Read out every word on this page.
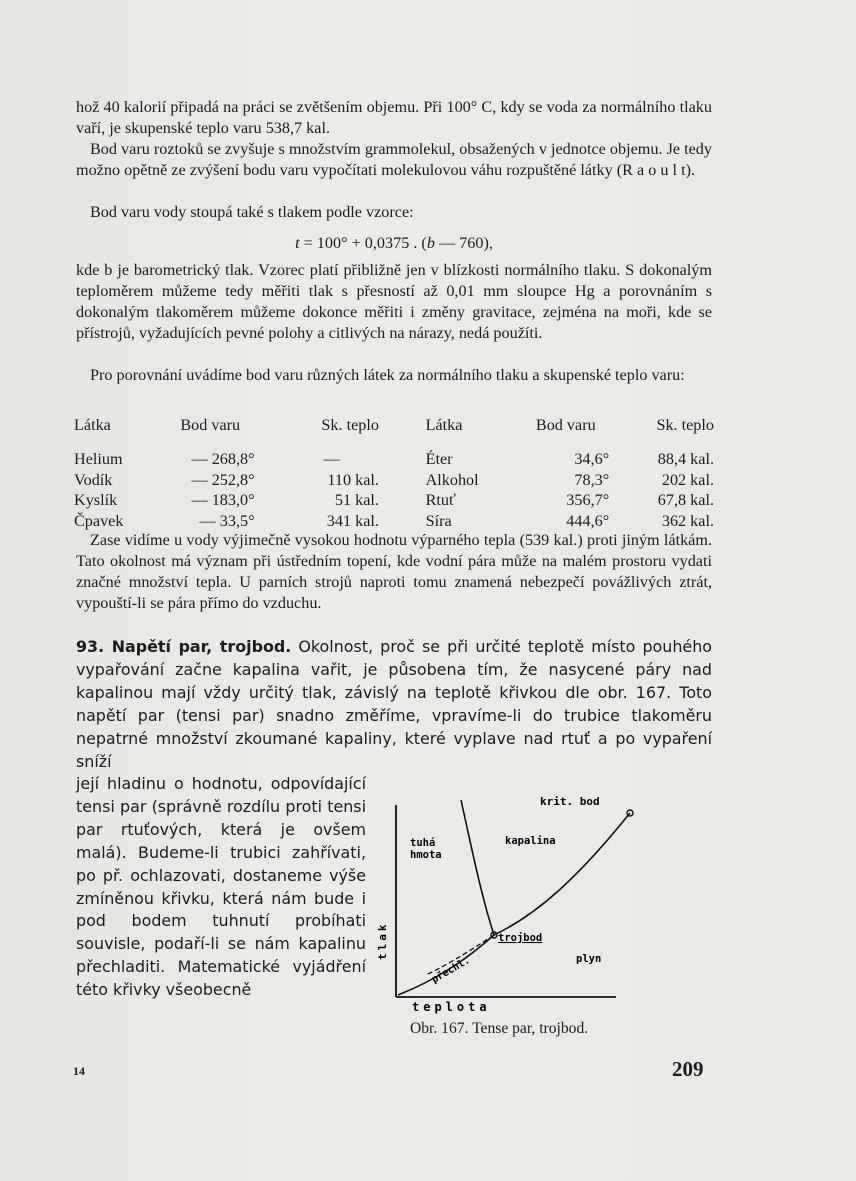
hož 40 kalorií připadá na práci se zvětšením objemu. Při 100° C, kdy se voda za normálního tlaku vaří, je skupenské teplo varu 538,7 kal.

Bod varu roztoků se zvyšuje s množstvím grammolekul, obsažených v jednotce objemu. Je tedy možno opětně ze zvýšení bodu varu vypočítati molekulovou váhu rozpuštěné látky (R a o u l t).

Bod varu vody stoupá také s tlakem podle vzorce:

t = 100° + 0,0375 . (b — 760),

kde b je barometrický tlak. Vzorec platí přibližně jen v blízkosti normálního tlaku. S dokonalým teploměrem můžeme tedy měřiti tlak s přesností až 0,01 mm sloupce Hg a porovnáním s dokonalým tlakoměrem můžeme dokonce měřiti i změny gravitace, zejména na moři, kde se přístrojů, vyžadujících pevné polohy a citlivých na nárazy, nedá použíti.

Pro porovnání uvádíme bod varu různých látek za normálního tlaku a skupenské teplo varu:

Látka	Bod varu	Sk. teplo		Látka	Bod varu	Sk. teplo
Helium	— 268,8°	—		Éter	34,6°	88,4 kal.
Vodík	— 252,8°	110 kal.		Alkohol	78,3°	202 kal.
Kyslík	— 183,0°	51 kal.		Rtuť	356,7°	67,8 kal.
Čpavek	— 33,5°	341 kal.		Síra	444,6°	362 kal.

Zase vidíme u vody výjimečně vysokou hodnotu výparného tepla (539 kal.) proti jiným látkám. Tato okolnost má význam při ústředním topení, kde vodní pára může na malém prostoru vydati značné množství tepla. U parních strojů naproti tomu znamená nebezpečí povážlivých ztrát, vypouští-li se pára přímo do vzduchu.

93. Napětí par, trojbod. Okolnost, proč se při určité teplotě místo pouhého vypařování začne kapalina vařit, je působena tím, že nasycené páry nad kapalinou mají vždy určitý tlak, závislý na teplotě křivkou dle obr. 167. Toto napětí par (tensi par) snadno změříme, vpravíme-li do trubice tlakoměru nepatrné množství zkoumané kapaliny, které vyplave nad rtuť a po vypaření sníží

její hladinu o hodnotu, odpovídající tensi par (správně rozdílu proti tensi par rtuťových, která je ovšem malá). Budeme-li trubici zahřívati, po př. ochlazovati, dostaneme výše zmíněnou křivku, která nám bude i pod bodem tuhnutí probíhati souvisle, podaří-li se nám kapalinu přechladiti. Matematické vyjádření této křivky všeobecně

krit. bod
tuhá
hmota
kapalina
trojbod
plyn
přechl.
tlak
teplota
Obr. 167. Tense par, trojbod.
14	209
